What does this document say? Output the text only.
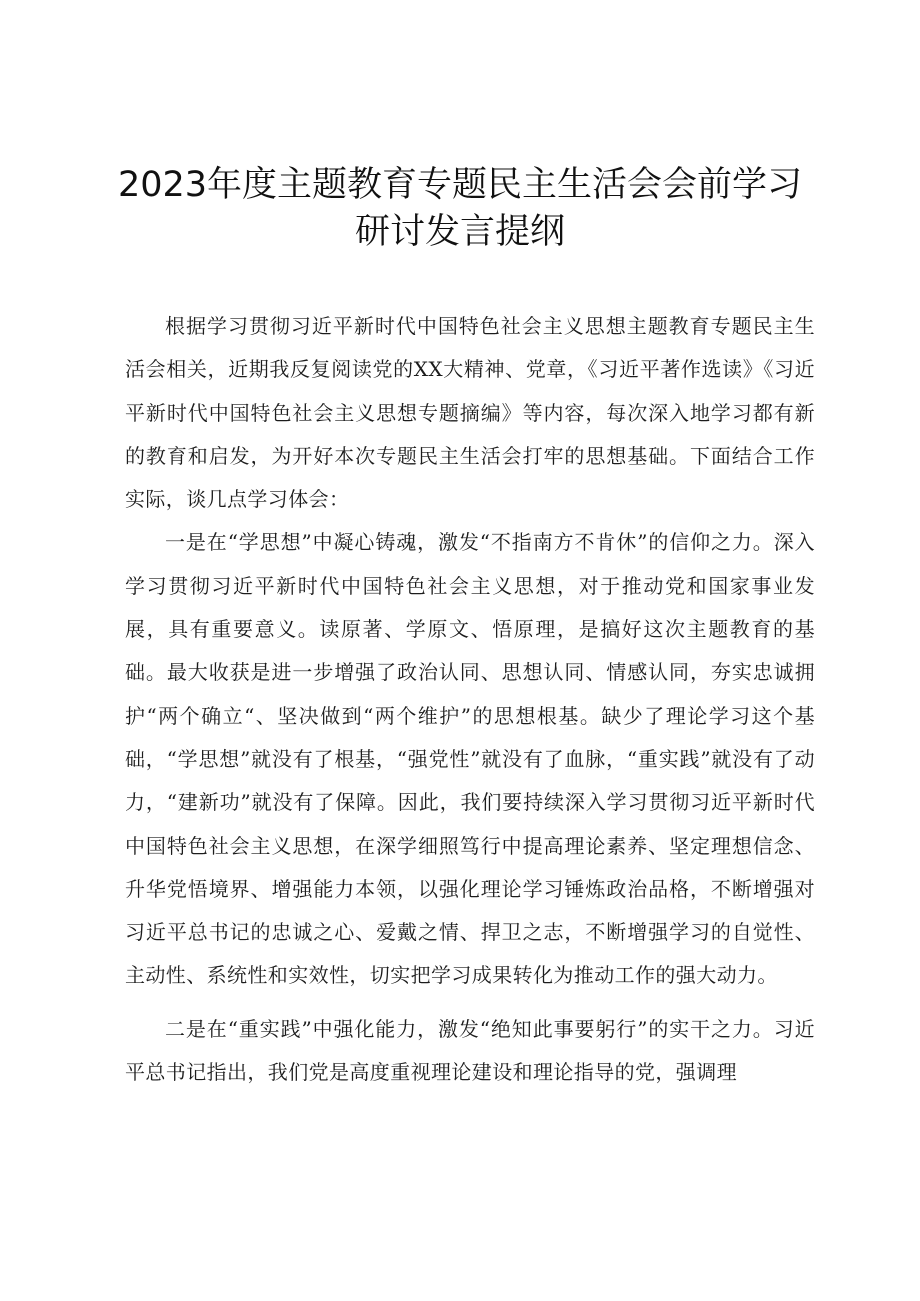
2023年度主题教育专题民主生活会会前学习
研讨发言提纲

根据学习贯彻习近平新时代中国特色社会主义思想主题教育专题民主生活会相关，近期我反复阅读党的XX大精神、党章，《习近平著作选读》《习近平新时代中国特色社会主义思想专题摘编》等内容，每次深入地学习都有新的教育和启发，为开好本次专题民主生活会打牢的思想基础。下面结合工作实际，谈几点学习体会：

一是在“学思想”中凝心铸魂，激发“不指南方不肯休”的信仰之力。深入学习贯彻习近平新时代中国特色社会主义思想，对于推动党和国家事业发展，具有重要意义。读原著、学原文、悟原理，是搞好这次主题教育的基础。最大收获是进一步增强了政治认同、思想认同、情感认同，夯实忠诚拥护“两个确立“、坚决做到“两个维护”的思想根基。缺少了理论学习这个基础，“学思想”就没有了根基，“强党性”就没有了血脉，“重实践”就没有了动力，“建新功”就没有了保障。因此，我们要持续深入学习贯彻习近平新时代中国特色社会主义思想，在深学细照笃行中提高理论素养、坚定理想信念、升华党悟境界、增强能力本领，以强化理论学习锤炼政治品格，不断增强对习近平总书记的忠诚之心、爱戴之情、捍卫之志，不断增强学习的自觉性、主动性、系统性和实效性，切实把学习成果转化为推动工作的强大动力。

二是在“重实践”中强化能力，激发“绝知此事要躬行”的实干之力。习近平总书记指出，我们党是高度重视理论建设和理论指导的党，强调理
